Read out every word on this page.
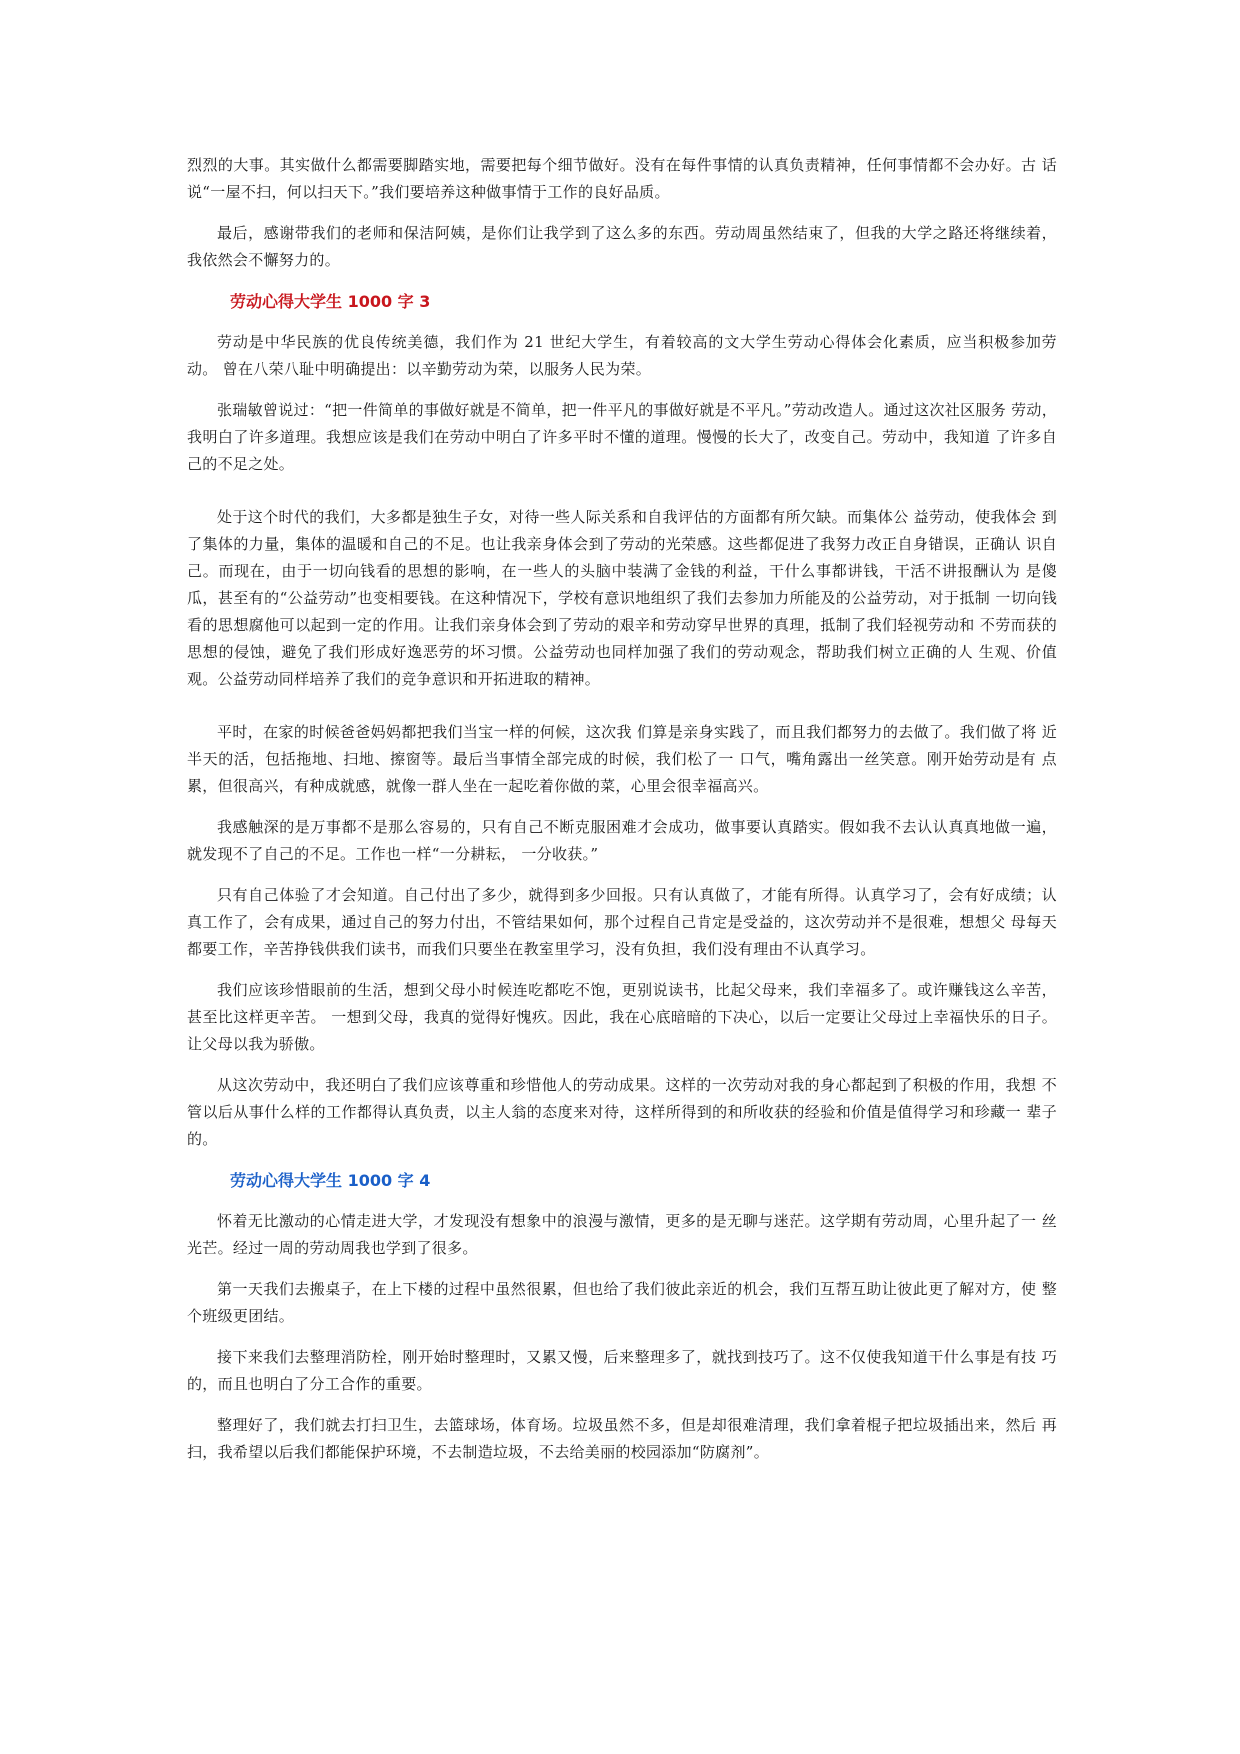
烈烈的大事。其实做什么都需要脚踏实地，需要把每个细节做好。没有在每件事情的认真负责精神，任何事情都不会办好。古 话说“一屋不扫，何以扫天下。”我们要培养这种做事情于工作的良好品质。

最后，感谢带我们的老师和保洁阿姨，是你们让我学到了这么多的东西。劳动周虽然结束了，但我的大学之路还将继续着， 我依然会不懈努力的。

劳动心得大学生 1000 字 3

劳动是中华民族的优良传统美德，我们作为 21 世纪大学生，有着较高的文大学生劳动心得体会化素质，应当积极参加劳 动。 曾在八荣八耻中明确提出：以辛勤劳动为荣，以服务人民为荣。

张瑞敏曾说过：“把一件简单的事做好就是不简单，把一件平凡的事做好就是不平凡。”劳动改造人。通过这次社区服务 劳动，我明白了许多道理。我想应该是我们在劳动中明白了许多平时不懂的道理。慢慢的长大了，改变自己。劳动中，我知道 了许多自己的不足之处。

处于这个时代的我们，大多都是独生子女，对待一些人际关系和自我评估的方面都有所欠缺。而集体公 益劳动，使我体会 到了集体的力量，集体的温暖和自己的不足。也让我亲身体会到了劳动的光荣感。这些都促进了我努力改正自身错误，正确认 识自己。而现在，由于一切向钱看的思想的影响，在一些人的头脑中装满了金钱的利益，干什么事都讲钱，干活不讲报酬认为 是傻瓜，甚至有的“公益劳动”也变相要钱。在这种情况下，学校有意识地组织了我们去参加力所能及的公益劳动，对于抵制 一切向钱看的思想腐他可以起到一定的作用。让我们亲身体会到了劳动的艰辛和劳动穿早世界的真理，抵制了我们轻视劳动和 不劳而获的思想的侵蚀，避免了我们形成好逸恶劳的坏习惯。公益劳动也同样加强了我们的劳动观念，帮助我们树立正确的人 生观、价值观。公益劳动同样培养了我们的竞争意识和开拓进取的精神。

平时，在家的时候爸爸妈妈都把我们当宝一样的何候，这次我 们算是亲身实践了，而且我们都努力的去做了。我们做了将 近半天的活，包括拖地、扫地、擦窗等。最后当事情全部完成的时候，我们松了一 口气，嘴角露出一丝笑意。刚开始劳动是有 点累，但很高兴，有种成就感，就像一群人坐在一起吃着你做的菜，心里会很幸福高兴。

我感触深的是万事都不是那么容易的，只有自己不断克服困难才会成功，做事要认真踏实。假如我不去认认真真地做一遍， 就发现不了自己的不足。工作也一样“一分耕耘， 一分收获。”

只有自己体验了才会知道。自己付出了多少，就得到多少回报。只有认真做了，才能有所得。认真学习了，会有好成绩；认真工作了，会有成果，通过自己的努力付出，不管结果如何，那个过程自己肯定是受益的，这次劳动并不是很难，想想父 母每天都要工作，辛苦挣钱供我们读书，而我们只要坐在教室里学习，没有负担，我们没有理由不认真学习。

我们应该珍惜眼前的生活，想到父母小时候连吃都吃不饱，更别说读书，比起父母来，我们幸福多了。或许赚钱这么辛苦， 甚至比这样更辛苦。 一想到父母，我真的觉得好愧疚。因此，我在心底暗暗的下决心，以后一定要让父母过上幸福快乐的日子。 让父母以我为骄傲。

从这次劳动中，我还明白了我们应该尊重和珍惜他人的劳动成果。这样的一次劳动对我的身心都起到了积极的作用，我想 不管以后从事什么样的工作都得认真负责，以主人翁的态度来对待，这样所得到的和所收获的经验和价值是值得学习和珍藏一 辈子的。

劳动心得大学生 1000 字 4

怀着无比激动的心情走进大学，才发现没有想象中的浪漫与激情，更多的是无聊与迷茫。这学期有劳动周，心里升起了一 丝光芒。经过一周的劳动周我也学到了很多。

第一天我们去搬桌子，在上下楼的过程中虽然很累，但也给了我们彼此亲近的机会，我们互帮互助让彼此更了解对方，使 整个班级更团结。

接下来我们去整理消防栓，刚开始时整理时，又累又慢，后来整理多了，就找到技巧了。这不仅使我知道干什么事是有技 巧的，而且也明白了分工合作的重要。

整理好了，我们就去打扫卫生，去篮球场，体育场。垃圾虽然不多，但是却很难清理，我们拿着棍子把垃圾插出来，然后 再扫，我希望以后我们都能保护环境，不去制造垃圾，不去给美丽的校园添加“防腐剂”。
